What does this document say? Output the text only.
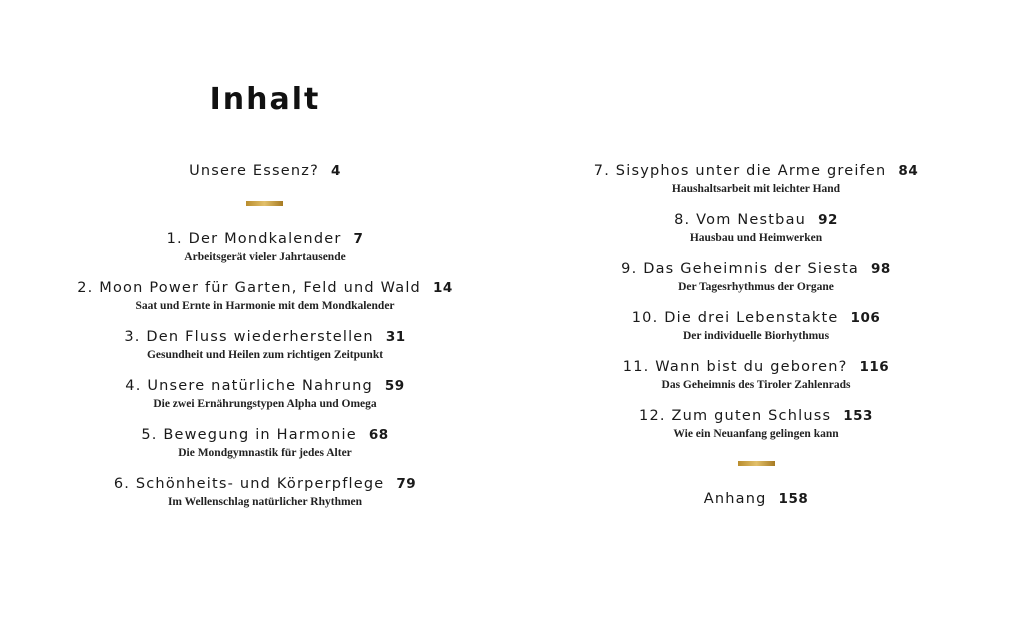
Inhalt
Unsere Essenz? 4
1. Der Mondkalender 7
Arbeitsgerät vieler Jahrtausende
2. Moon Power für Garten, Feld und Wald 14
Saat und Ernte in Harmonie mit dem Mondkalender
3. Den Fluss wiederherstellen 31
Gesundheit und Heilen zum richtigen Zeitpunkt
4. Unsere natürliche Nahrung 59
Die zwei Ernährungstypen Alpha und Omega
5. Bewegung in Harmonie 68
Die Mondgymnastik für jedes Alter
6. Schönheits- und Körperpflege 79
Im Wellenschlag natürlicher Rhythmen
7. Sisyphos unter die Arme greifen 84
Haushaltsarbeit mit leichter Hand
8. Vom Nestbau 92
Hausbau und Heimwerken
9. Das Geheimnis der Siesta 98
Der Tagesrhythmus der Organe
10. Die drei Lebenstakte 106
Der individuelle Biorhythmus
11. Wann bist du geboren? 116
Das Geheimnis des Tiroler Zahlenrads
12. Zum guten Schluss 153
Wie ein Neuanfang gelingen kann
Anhang 158
